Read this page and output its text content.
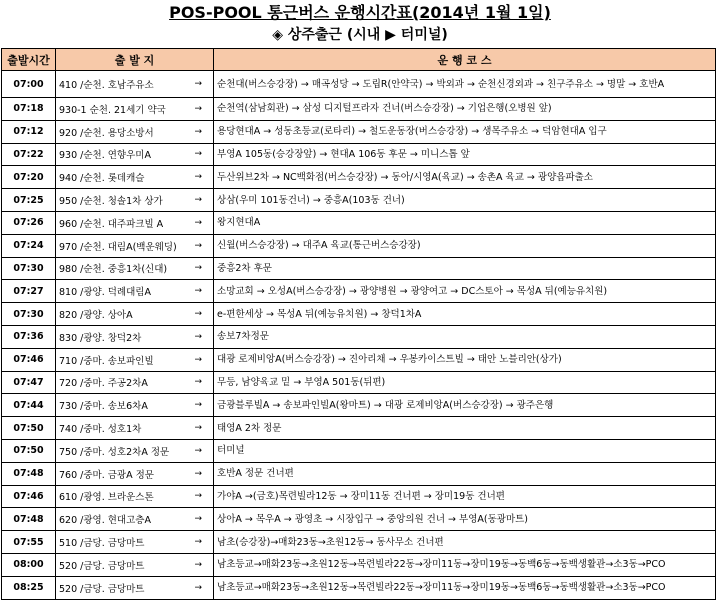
POS-POOL 통근버스 운행시간표(2014년 1월 1일)
◈ 상주출근 (시내 ▶ 터미널)
출발시간	출 발 지		운 행 코 스
07:00	410 /순천. 호남주유소	→	순천대(버스승강장) → 매곡성당 → 도립R(안약국) → 박외과 → 순천신경외과 → 친구주유소 → 명말 → 호반A
07:18	930-1 순천. 21세기 약국	→	순천역(삼남회관) → 삼성 디지털프라자 건너(버스승강장) → 기업은행(오병원 앞)
07:12	920 /순천. 용당소방서	→	용당현대A → 성동초등교(로타리) → 철도운동장(버스승강장) → 생목주유소 → 덕암현대A 입구
07:22	930 /순천. 연향우미A	→	부영A 105동(승강장앞) → 현대A 106동 후문 → 미니스톱 앞
07:20	940 /순천. 롯데캐슬	→	두산위브2차 → NC백화점(버스승강장) → 동아/시영A(육교) → 송촌A 육교 → 광양읍파출소
07:25	950 /순천. 청솔1차 상가	→	상삼(우미 101동건너) → 중흥A(103동 건너)
07:26	960 /순천. 대주파크빌 A	→	왕지현대A
07:24	970 /순천. 대림A(백운웨딩)	→	신월(버스승강장) → 대주A 육교(통근버스승강장)
07:30	980 /순천. 중흥1차(신대)	→	중흥2차 후문
07:27	810 /광양. 덕례대림A	→	소망교회 → 오성A(버스승강장) → 광양병원 → 광양여고 → DC스토아 → 목성A 뒤(예능유치원)
07:30	820 /광양. 상아A	→	e-편한세상 → 목성A 뒤(예능유치원) → 창덕1차A
07:36	830 /광양. 창덕2차	→	송보7차정문
07:46	710 /중마. 송보파인빌	→	대광 로제비앙A(버스승강장) → 진아리채 → 우봉카이스트빌 → 태안 노블리안(상가)
07:47	720 /중마. 주공2차A	→	무등, 남양육교 밑 → 부영A 501동(뒤편)
07:44	730 /중마. 송보6차A	→	금광블루빌A → 송보파인빌A(왕마트) → 대광 로제비앙A(버스승강장) → 광주은행
07:50	740 /중마. 성호1차	→	태영A 2차 정문
07:50	750 /중마. 성호2차A 정문	→	터미널
07:48	760 /중마. 금광A 정문	→	호반A 정문 건너편
07:46	610 /광영. 브라운스톤	→	가야A →(금호)목련빌라12동 → 장미11동 건너편 → 장미19동 건너편
07:48	620 /광영. 현대고층A	→	상아A → 목우A → 광영초 → 시장입구 → 중앙의원 건너 → 부영A(동광마트)
07:55	510 /금당. 금당마트	→	남초(승강장)→매화23동→초원12동→ 동사무소 건너편
08:00	520 /금당. 금당마트	→	남초등교→매화23동→초원12동→목련빌라22동→장미11동→장미19동→동백6동→동백생활관→소3동→PCO
08:25	520 /금당. 금당마트	→	남초등교→매화23동→초원12동→목련빌라22동→장미11동→장미19동→동백6동→동백생활관→소3동→PCO
